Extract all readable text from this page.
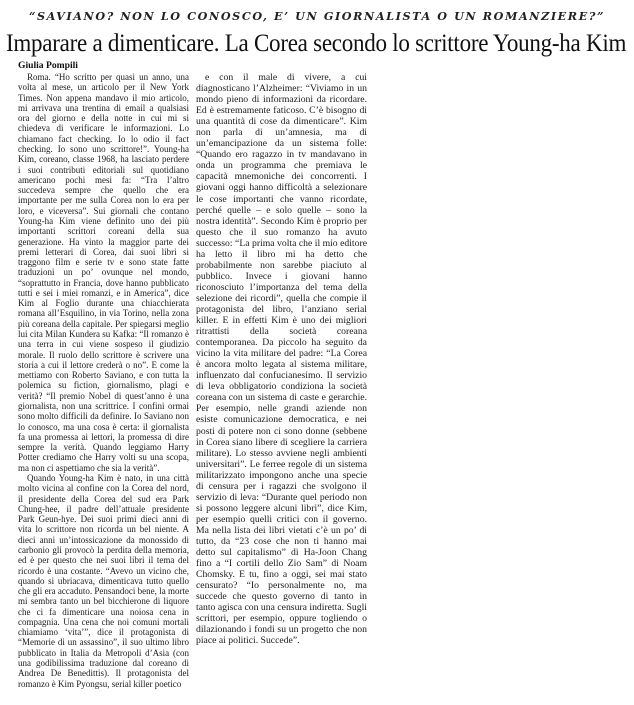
“SAVIANO? NON LO CONOSCO, E’ UN GIORNALISTA O UN ROMANZIERE?”
Imparare a dimenticare. La Corea secondo lo scrittore Young-ha Kim
Giulia Pompili

Roma. “Ho scritto per quasi un anno, una volta al mese, un articolo per il New York Times. Non appena mandavo il mio articolo, mi arrivava una trentina di email a qualsiasi ora del giorno e della notte in cui mi si chiedeva di verificare le informazioni. Lo chiamano fact checking. Io lo odio il fact checking. Io sono uno scrittore!”. Young-ha Kim, coreano, classe 1968, ha lasciato perdere i suoi contributi editoriali sul quotidiano americano pochi mesi fa: “Tra l’altro succedeva sempre che quello che era importante per me sulla Corea non lo era per loro, e viceversa”. Sui giornali che contano Young-ha Kim viene definito uno dei più importanti scrittori coreani della sua generazione. Ha vinto la maggior parte dei premi letterari di Corea, dai suoi libri si traggono film e serie tv e sono state fatte traduzioni un po’ ovunque nel mondo, “soprattutto in Francia, dove hanno pubblicato tutti e sei i miei romanzi, e in America”, dice Kim al Foglio durante una chiacchierata romana all’Esquilino, in via Torino, nella zona più coreana della capitale. Per spiegarsi meglio lui cita Milan Kundera su Kafka: “Il romanzo è una terra in cui viene sospeso il giudizio morale. Il ruolo dello scrittore è scrivere una storia a cui il lettore crederà o no”. E come la mettiamo con Roberto Saviano, e con tutta la polemica su fiction, giornalismo, plagi e verità? “Il premio Nobel di quest’anno è una giornalista, non una scrittrice. I confini ormai sono molto difficili da definire. Io Saviano non lo conosco, ma una cosa è certa: il giornalista fa una promessa ai lettori, la promessa di dire sempre la verità. Quando leggiamo Harry Potter crediamo che Harry volti su una scopa, ma non ci aspettiamo che sia la verità”.

Quando Young-ha Kim è nato, in una città molto vicina al confine con la Corea del nord, il presidente della Corea del sud era Park Chung-hee, il padre dell’attuale presidente Park Geun-hye. Dei suoi primi dieci anni di vita lo scrittore non ricorda un bel niente. A dieci anni un’intossicazione da monossido di carbonio gli provocò la perdita della memoria, ed è per questo che nei suoi libri il tema del ricordo è una costante. “Avevo un vicino che, quando si ubriacava, dimenticava tutto quello che gli era accaduto. Pensandoci bene, la morte mi sembra tanto un bel bicchierone di liquore che ci fa dimenticare una noiosa cena in compagnia. Una cena che noi comuni mortali chiamiamo ‘vita’”, dice il protagonista di “Memorie di un assassino”, il suo ultimo libro pubblicato in Italia da Metropoli d’Asia (con una godibilissima traduzione dal coreano di Andrea De Benedittis). Il protagonista del romanzo è Kim Pyongsu, serial killer poetico

e con il male di vivere, a cui diagnosticano l’Alzheimer: “Viviamo in un mondo pieno di informazioni da ricordare. Ed è estremamente faticoso. C’è bisogno di una quantità di cose da dimenticare”. Kim non parla di un’amnesia, ma di un’emancipazione da un sistema folle: “Quando ero ragazzo in tv mandavano in onda un programma che premiava le capacità mnemoniche dei concorrenti. I giovani oggi hanno difficoltà a selezionare le cose importanti che vanno ricordate, perché quelle – e solo quelle – sono la nostra identità”. Secondo Kim è proprio per questo che il suo romanzo ha avuto successo: “La prima volta che il mio editore ha letto il libro mi ha detto che probabilmente non sarebbe piaciuto al pubblico. Invece i giovani hanno riconosciuto l’importanza del tema della selezione dei ricordi”, quella che compie il protagonista del libro, l’anziano serial killer. E in effetti Kim è uno dei migliori ritrattisti della società coreana contemporanea. Da piccolo ha seguito da vicino la vita militare del padre: “La Corea è ancora molto legata al sistema militare, influenzato dal confucianesimo. Il servizio di leva obbligatorio condiziona la società coreana con un sistema di caste e gerarchie. Per esempio, nelle grandi aziende non esiste comunicazione democratica, e nei posti di potere non ci sono donne (sebbene in Corea siano libere di scegliere la carriera militare). Lo stesso avviene negli ambienti universitari”. Le ferree regole di un sistema militarizzato impongono anche una specie di censura per i ragazzi che svolgono il servizio di leva: “Durante quel periodo non si possono leggere alcuni libri”, dice Kim, per esempio quelli critici con il governo. Ma nella lista dei libri vietati c’è un po’ di tutto, da “23 cose che non ti hanno mai detto sul capitalismo” di Ha-Joon Chang fino a “I cortili dello Zio Sam” di Noam Chomsky. E tu, fino a oggi, sei mai stato censurato? “Io personalmente no, ma succede che questo governo di tanto in tanto agisca con una censura indiretta. Sugli scrittori, per esempio, oppure togliendo o dilazionando i fondi su un progetto che non piace ai politici. Succede”.
